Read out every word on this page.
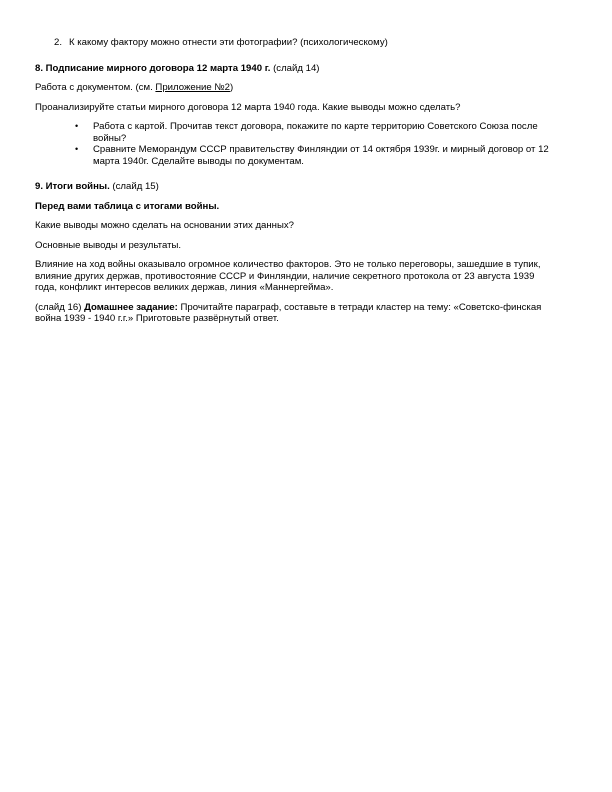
2. К какому фактору можно отнести эти фотографии? (психологическому)

8. Подписание мирного договора 12 марта 1940 г. (слайд 14)

Работа с документом. (см. Приложение №2)

Проанализируйте статьи мирного договора 12 марта 1940 года. Какие выводы можно сделать?

•	Работа с картой. Прочитав текст договора, покажите по карте территорию Советского Союза после войны?
•	Сравните Меморандум СССР правительству Финляндии от 14 октября 1939г. и мирный договор от 12 марта 1940г. Сделайте выводы по документам.

9. Итоги войны. (слайд 15)

Перед вами таблица с итогами войны.

Какие выводы можно сделать на основании этих данных?

Основные выводы и результаты.

Влияние на ход войны оказывало огромное количество факторов. Это не только переговоры, зашедшие в тупик, влияние других держав, противостояние СССР и Финляндии, наличие секретного протокола от 23 августа 1939 года, конфликт интересов великих держав, линия «Маннергейма».

(слайд 16) Домашнее задание: Прочитайте параграф, составьте в тетради кластер на тему: «Советско-финская война 1939 - 1940 г.г.» Приготовьте развёрнутый ответ.
